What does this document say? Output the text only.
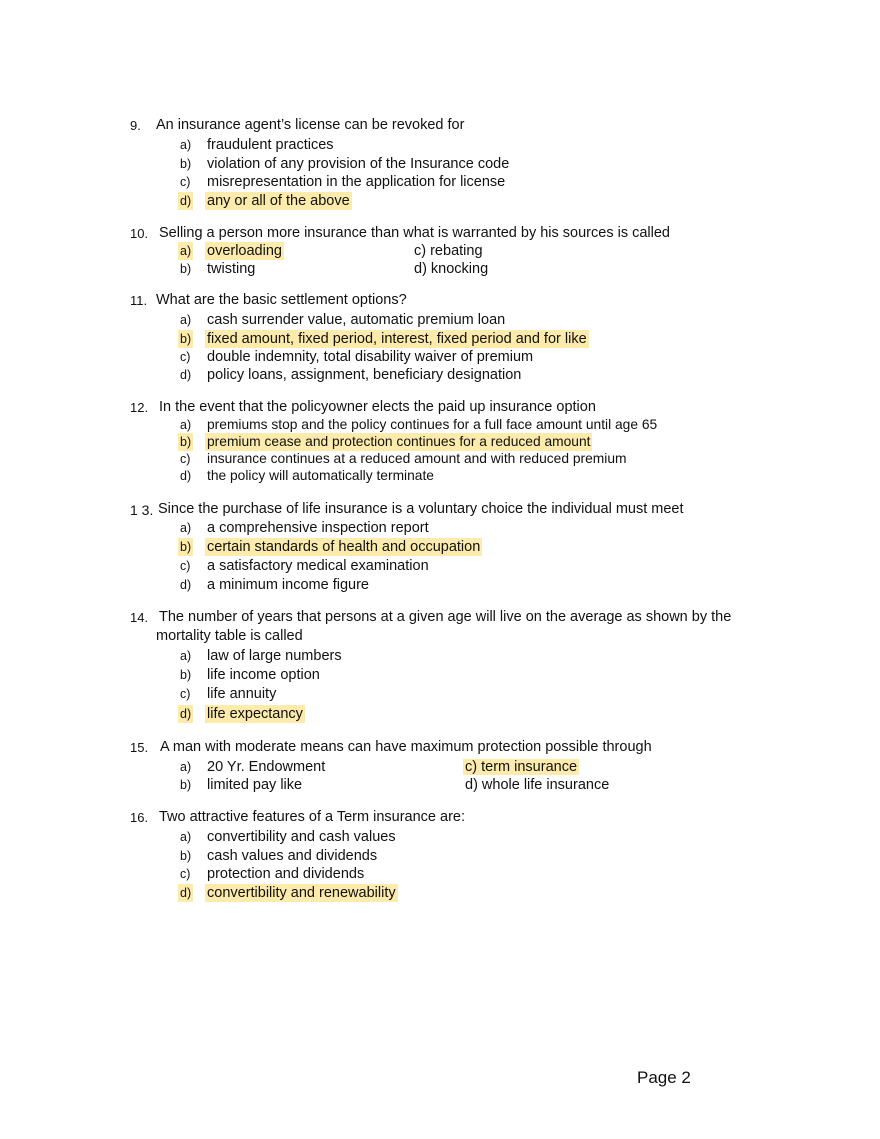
9. An insurance agent’s license can be revoked for
a) fraudulent practices
b) violation of any provision of the Insurance code
c) misrepresentation in the application for license
d) any or all of the above
10. Selling a person more insurance than what is warranted by his sources is called
a) overloading	c) rebating
b) twisting	d) knocking
11. What are the basic settlement options?
a) cash surrender value, automatic premium loan
b) fixed amount, fixed period, interest, fixed period and for like
c) double indemnity, total disability waiver of premium
d) policy loans, assignment, beneficiary designation
12. In the event that the policyowner elects the paid up insurance option
a) premiums stop and the policy continues for a full face amount until age 65
b) premium cease and protection continues for a reduced amount
c) insurance continues at a reduced amount and with reduced premium
d) the policy will automatically terminate
1 3. Since the purchase of life insurance is a voluntary choice the individual must meet
a) a comprehensive inspection report
b) certain standards of health and occupation
c) a satisfactory medical examination
d) a minimum income figure
14. The number of years that persons at a given age will live on the average as shown by the
mortality table is called
a) law of large numbers
b) life income option
c) life annuity
d) life expectancy
15. A man with moderate means can have maximum protection possible through
a) 20 Yr. Endowment	c) term insurance
b) limited pay like	d) whole life insurance
16. Two attractive features of a Term insurance are:
a) convertibility and cash values
b) cash values and dividends
c) protection and dividends
d) convertibility and renewability
Page 2
